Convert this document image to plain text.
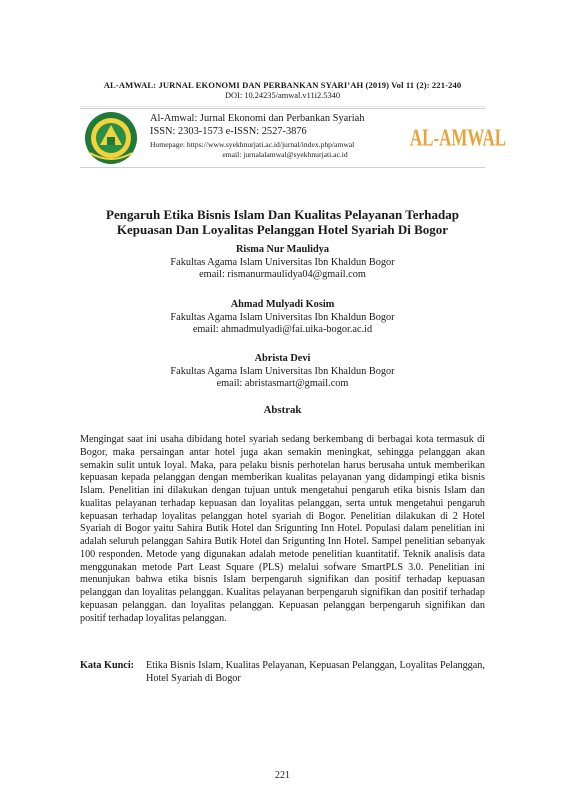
AL-AMWAL: JURNAL EKONOMI DAN PERBANKAN SYARI’AH (2019) Vol 11 (2): 221-240
DOI: 10.24235/amwal.v11i2.5340
Al-Amwal: Jurnal Ekonomi dan Perbankan Syariah
ISSN: 2303-1573 e-ISSN: 2527-3876
Homepage: https://www.syekhnurjati.ac.id/jurnal/index.php/amwal
email: jurnalalamwal@syekhnurjati.ac.id
AL-AMWAL
Pengaruh Etika Bisnis Islam Dan Kualitas Pelayanan Terhadap
Kepuasan Dan Loyalitas Pelanggan Hotel Syariah Di Bogor
Risma Nur Maulidya
Fakultas Agama Islam Universitas Ibn Khaldun Bogor
email: rismanurmaulidya04@gmail.com
Ahmad Mulyadi Kosim
Fakultas Agama Islam Universitas Ibn Khaldun Bogor
email: ahmadmulyadi@fai.uika-bogor.ac.id
Abrista Devi
Fakultas Agama Islam Universitas Ibn Khaldun Bogor
email: abristasmart@gmail.com
Abstrak
Mengingat saat ini usaha dibidang hotel syariah sedang berkembang di berbagai kota termasuk di Bogor, maka persaingan antar hotel juga akan semakin meningkat, sehingga pelanggan akan semakin sulit untuk loyal. Maka, para pelaku bisnis perhotelan harus berusaha untuk memberikan kepuasan kepada pelanggan dengan memberikan kualitas pelayanan yang didampingi etika bisnis Islam. Penelitian ini dilakukan dengan tujuan untuk mengetahui pengaruh etika bisnis Islam dan kualitas pelayanan terhadap kepuasan dan loyalitas pelanggan, serta untuk mengetahui pengaruh kepuasan terhadap loyalitas pelanggan hotel syariah di Bogor. Penelitian dilakukan di 2 Hotel Syariah di Bogor yaitu Sahira Butik Hotel dan Srigunting Inn Hotel. Populasi dalam penelitian ini adalah seluruh pelanggan Sahira Butik Hotel dan Srigunting Inn Hotel. Sampel penelitian sebanyak 100 responden. Metode yang digunakan adalah metode penelitian kuantitatif. Teknik analisis data menggunakan metode Part Least Square (PLS) melalui sofware SmartPLS 3.0. Penelitian ini menunjukan bahwa etika bisnis Islam berpengaruh signifikan dan positif terhadap kepuasan pelanggan dan loyalitas pelanggan. Kualitas pelayanan berpengaruh signifikan dan positif terhadap kepuasan pelanggan. dan loyalitas pelanggan. Kepuasan pelanggan berpengaruh signifikan dan positif terhadap loyalitas pelanggan.
Kata Kunci: Etika Bisnis Islam, Kualitas Pelayanan, Kepuasan Pelanggan, Loyalitas Pelanggan, Hotel Syariah di Bogor
221
